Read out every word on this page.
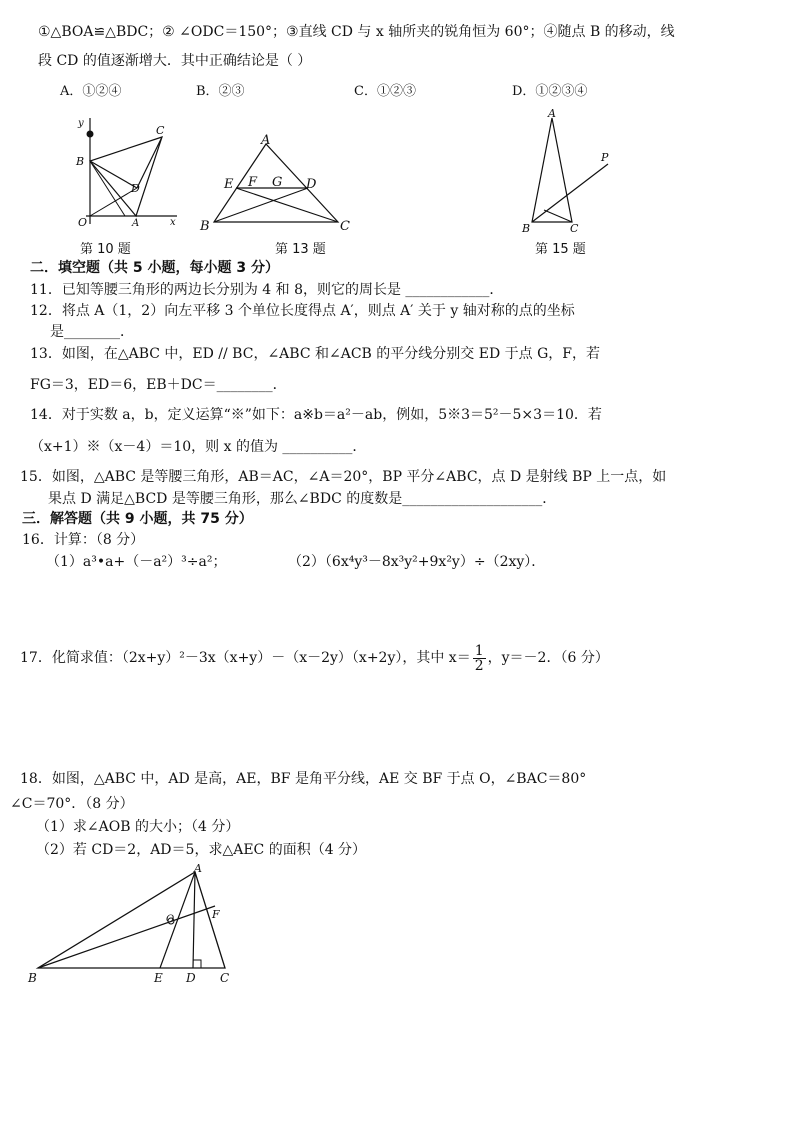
①△BOA≌△BDC；② ∠ODC＝150°；③直线 CD 与 x 轴所夹的锐角恒为 60°；④随点 B 的移动，线
段 CD 的值逐渐增大．其中正确结论是（ ）
A．①②④	B．②③	C．①②③	D．①②③④
y
C
B
D
O	A	x
第 10 题
A
E F G D
B	C
第 13 题
A
P
B	C
第 15 题
二．填空题（共 5 小题，每小题 3 分）
11．已知等腰三角形的两边长分别为 4 和 8，则它的周长是 ____________．
12．将点 A（1，2）向左平移 3 个单位长度得点 A′，则点 A′ 关于 y 轴对称的点的坐标
是________．
13．如图，在△ABC 中，ED // BC，∠ABC 和∠ACB 的平分线分别交 ED 于点 G，F，若
FG＝3，ED＝6，EB＋DC＝________．
14．对于实数 a，b，定义运算“※”如下：a※b＝a²－ab，例如，5※3＝5²－5×3＝10．若
（x+1）※（x－4）＝10，则 x 的值为 __________．
15．如图，△ABC 是等腰三角形，AB＝AC，∠A＝20°，BP 平分∠ABC，点 D 是射线 BP 上一点，如
果点 D 满足△BCD 是等腰三角形，那么∠BDC 的度数是____________________．
三．解答题（共 9 小题，共 75 分）
16．计算：（8 分）
（1）a³•a+（－a²）³÷a²；	（2）（6x⁴y³－8x³y²+9x²y）÷（2xy）．
17．化简求值：（2x+y）²－3x（x+y）－（x－2y）（x+2y），其中 $x= \frac{1}{2}$ ，y＝－2．（6 分）
18．如图，△ABC 中，AD 是高，AE，BF 是角平分线，AE 交 BF 于点 O，∠BAC＝80°
∠C＝70°．（8 分）
（1）求∠AOB 的大小；（4 分）
（2）若 CD＝2，AD＝5，求△AEC 的面积（4 分）
A
F
O
B	E D C
